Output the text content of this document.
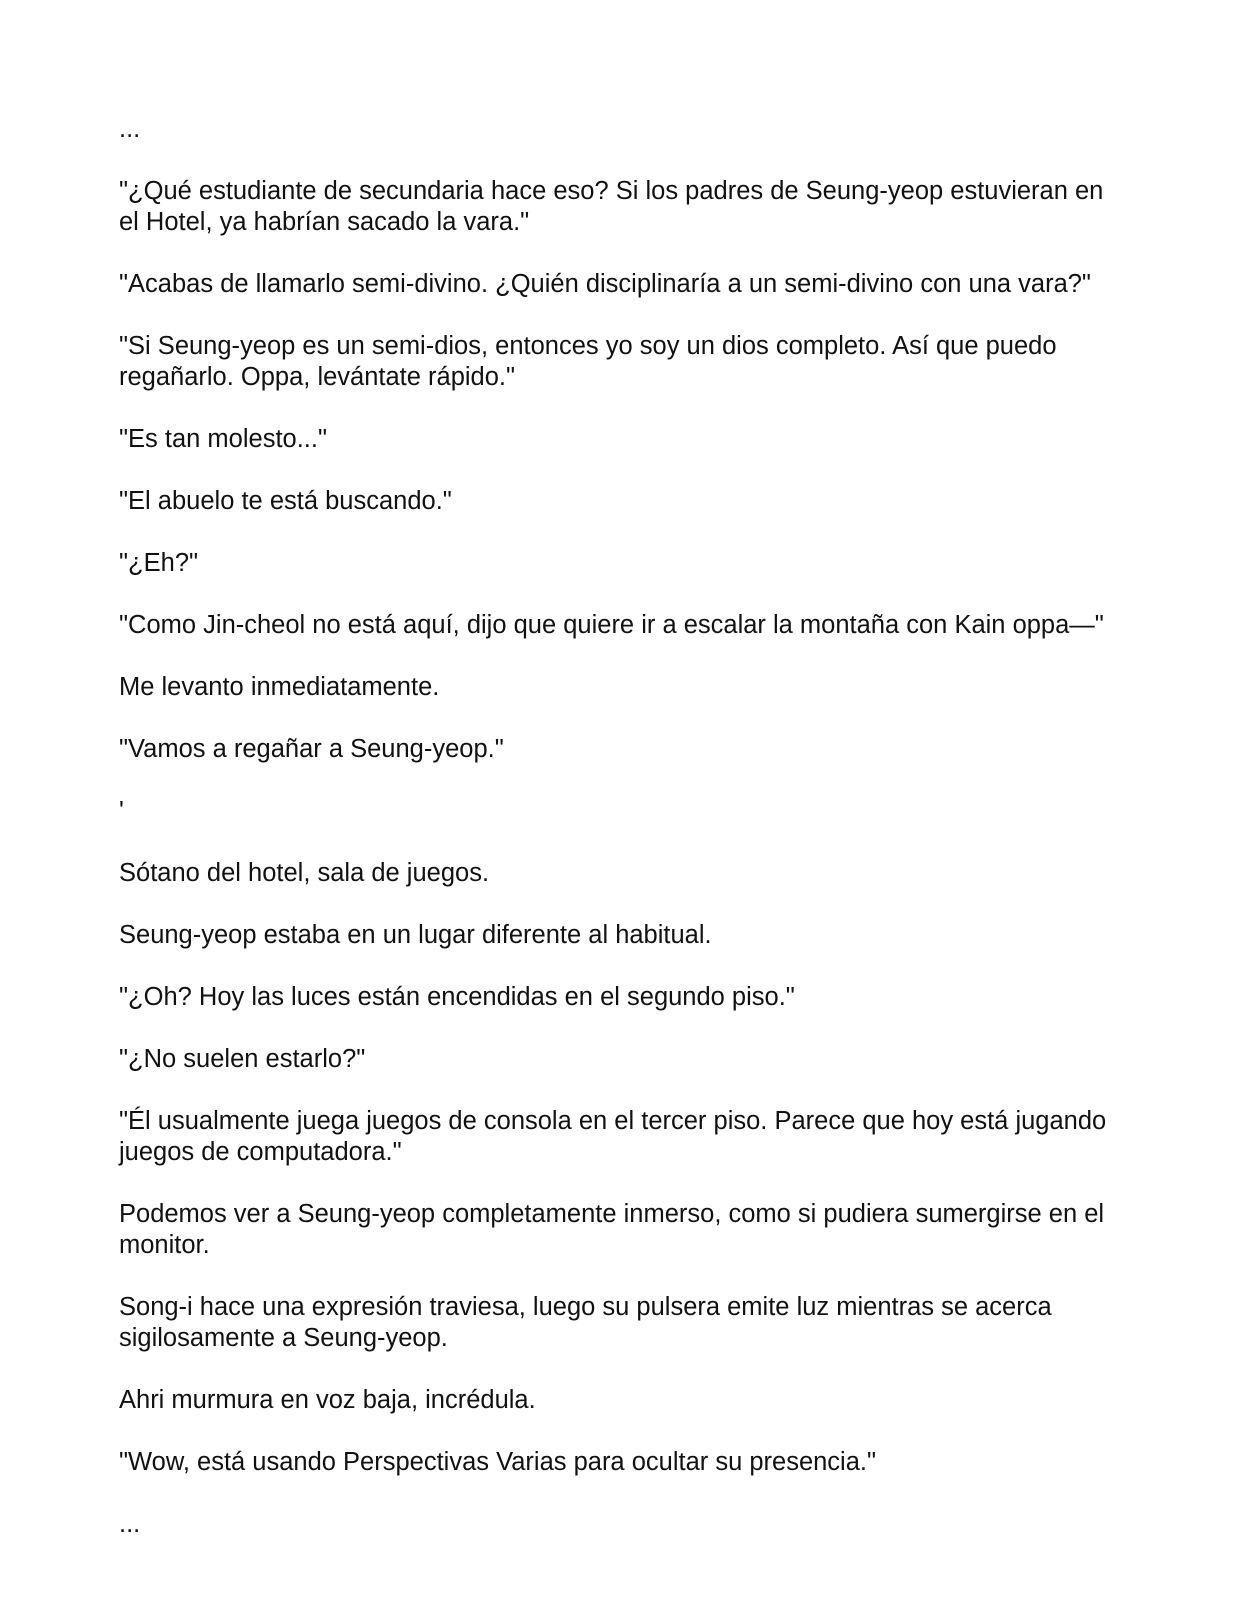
...

"¿Qué estudiante de secundaria hace eso? Si los padres de Seung-yeop estuvieran en el Hotel, ya habrían sacado la vara."

"Acabas de llamarlo semi-divino. ¿Quién disciplinaría a un semi-divino con una vara?"

"Si Seung-yeop es un semi-dios, entonces yo soy un dios completo. Así que puedo regañarlo. Oppa, levántate rápido."

"Es tan molesto..."

"El abuelo te está buscando."

"¿Eh?"

"Como Jin-cheol no está aquí, dijo que quiere ir a escalar la montaña con Kain oppa—"

Me levanto inmediatamente.

"Vamos a regañar a Seung-yeop."

'

Sótano del hotel, sala de juegos.

Seung-yeop estaba en un lugar diferente al habitual.

"¿Oh? Hoy las luces están encendidas en el segundo piso."

"¿No suelen estarlo?"

"Él usualmente juega juegos de consola en el tercer piso. Parece que hoy está jugando juegos de computadora."

Podemos ver a Seung-yeop completamente inmerso, como si pudiera sumergirse en el monitor.

Song-i hace una expresión traviesa, luego su pulsera emite luz mientras se acerca sigilosamente a Seung-yeop.

Ahri murmura en voz baja, incrédula.

"Wow, está usando Perspectivas Varias para ocultar su presencia."

...
